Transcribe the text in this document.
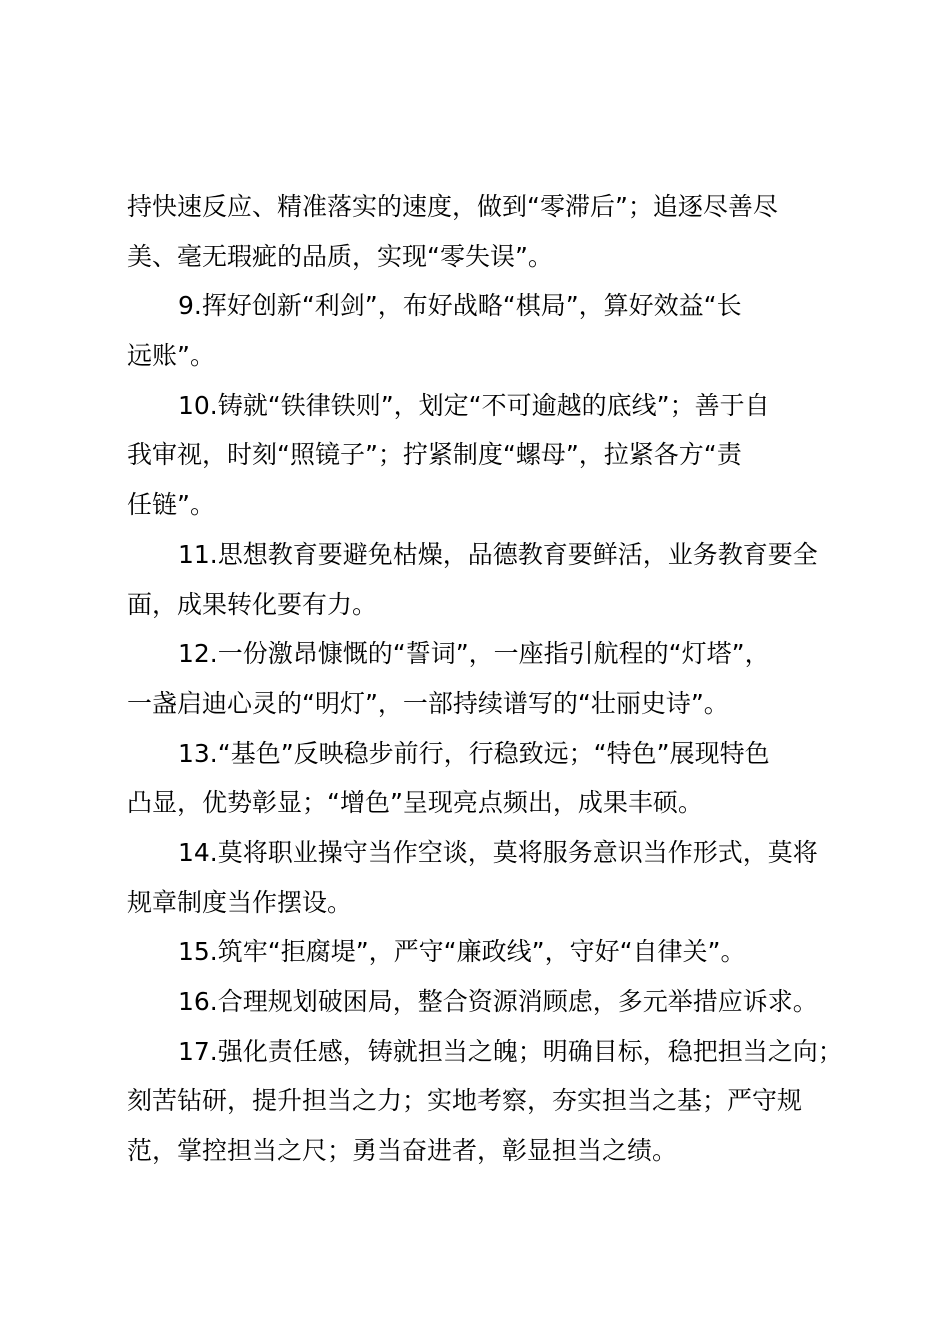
持快速反应、精准落实的速度，做到“零滞后”；追逐尽善尽
美、毫无瑕疵的品质，实现“零失误”。
9.挥好创新“利剑”，布好战略“棋局”，算好效益“长
远账”。
10.铸就“铁律铁则”，划定“不可逾越的底线”；善于自
我审视，时刻“照镜子”；拧紧制度“螺母”，拉紧各方“责
任链”。
11.思想教育要避免枯燥，品德教育要鲜活，业务教育要全
面，成果转化要有力。
12.一份激昂慷慨的“誓词”，一座指引航程的“灯塔”，
一盏启迪心灵的“明灯”，一部持续谱写的“壮丽史诗”。
13.“基色”反映稳步前行，行稳致远；“特色”展现特色
凸显，优势彰显；“增色”呈现亮点频出，成果丰硕。
14.莫将职业操守当作空谈，莫将服务意识当作形式，莫将
规章制度当作摆设。
15.筑牢“拒腐堤”，严守“廉政线”，守好“自律关”。
16.合理规划破困局，整合资源消顾虑，多元举措应诉求。
17.强化责任感，铸就担当之魄；明确目标，稳把担当之向；
刻苦钻研，提升担当之力；实地考察，夯实担当之基；严守规
范，掌控担当之尺；勇当奋进者，彰显担当之绩。
